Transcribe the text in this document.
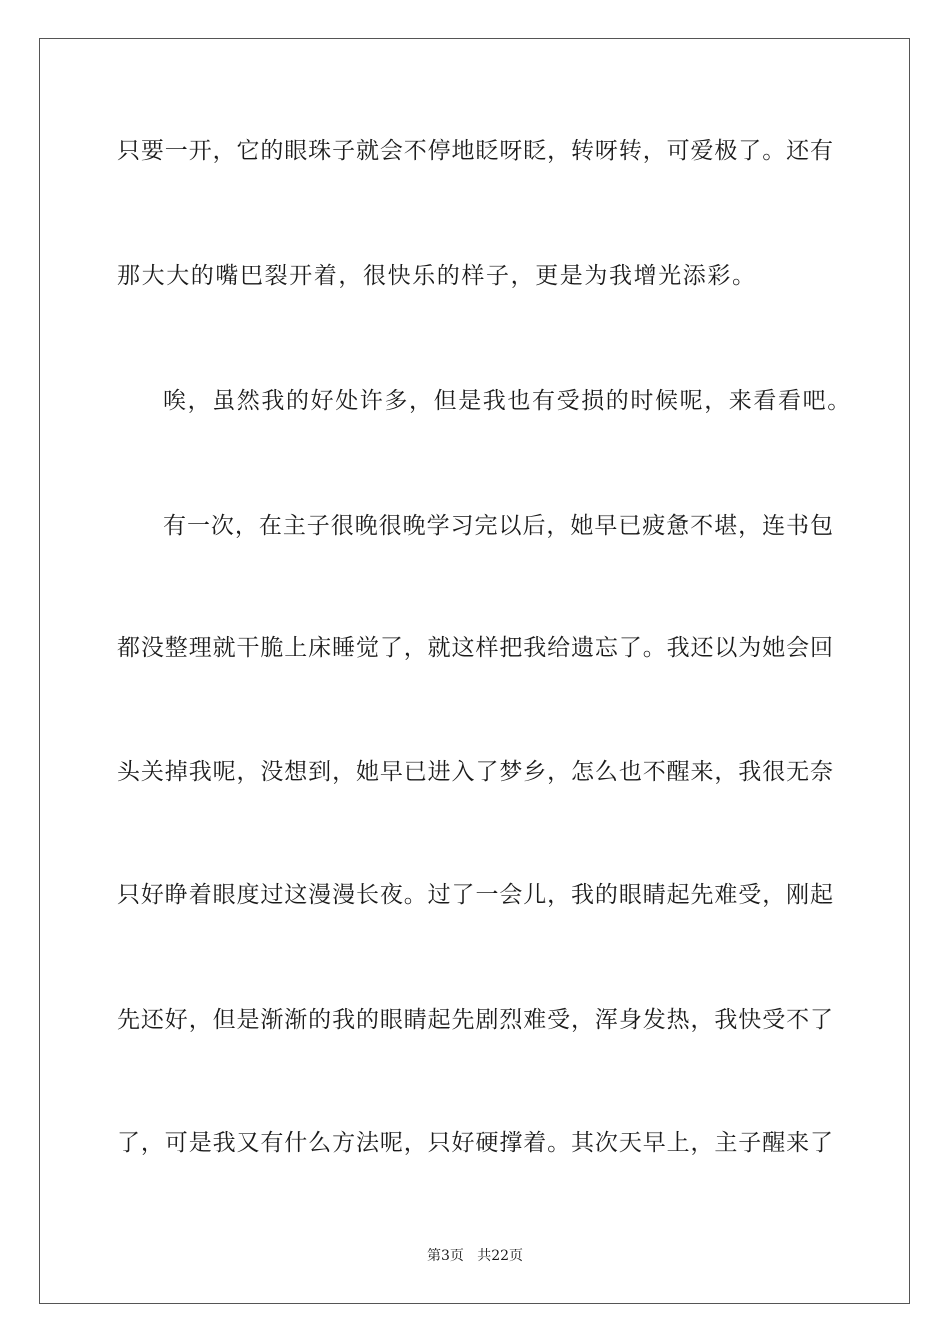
只要一开，它的眼珠子就会不停地眨呀眨，转呀转，可爱极了。还有
那大大的嘴巴裂开着，很快乐的样子，更是为我增光添彩。
唉，虽然我的好处许多，但是我也有受损的时候呢，来看看吧。
有一次，在主子很晚很晚学习完以后，她早已疲惫不堪，连书包
都没整理就干脆上床睡觉了，就这样把我给遗忘了。我还以为她会回
头关掉我呢，没想到，她早已进入了梦乡，怎么也不醒来，我很无奈
只好睁着眼度过这漫漫长夜。过了一会儿，我的眼睛起先难受，刚起
先还好，但是渐渐的我的眼睛起先剧烈难受，浑身发热，我快受不了
了，可是我又有什么方法呢，只好硬撑着。其次天早上，主子醒来了
第3页   共22页
